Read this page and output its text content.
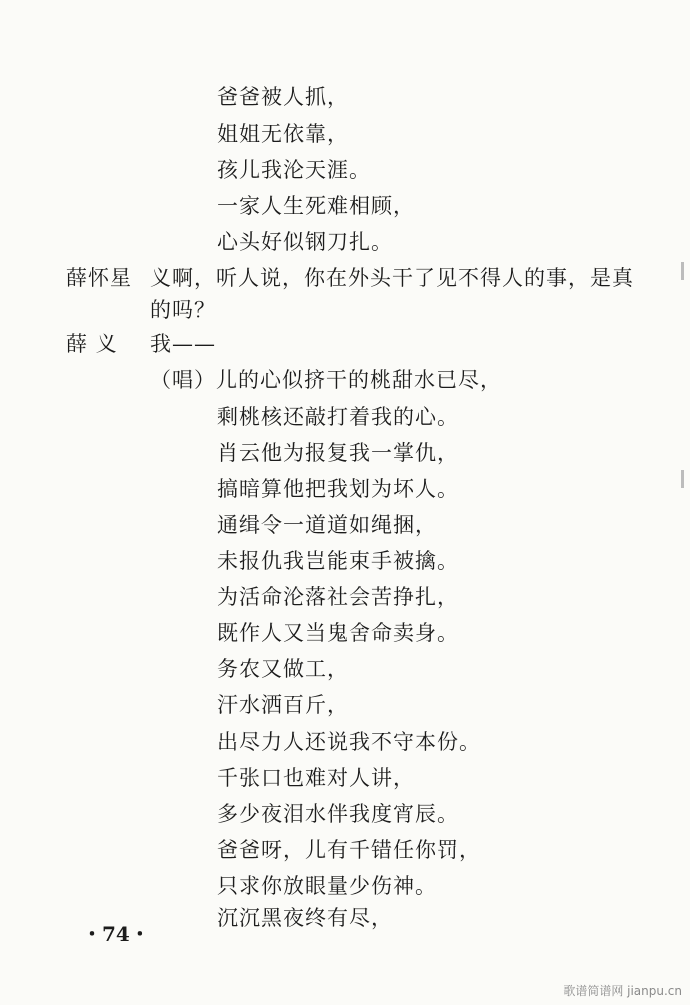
爸爸被人抓，
姐姐无依靠，
孩儿我沦天涯。
一家人生死难相顾，
心头好似钢刀扎。
薛怀星 义啊，听人说，你在外头干了见不得人的事，是真
的吗？
薛 义 我——
（唱）儿的心似挤干的桃甜水已尽，
剩桃核还敲打着我的心。
肖云他为报复我一掌仇，
搞暗算他把我划为坏人。
通缉令一道道如绳捆，
未报仇我岂能束手被擒。
为活命沦落社会苦挣扎，
既作人又当鬼舍命卖身。
务农又做工，
汗水洒百斤，
出尽力人还说我不守本份。
千张口也难对人讲，
多少夜泪水伴我度宵辰。
爸爸呀，儿有千错任你罚，
只求你放眼量少伤神。
沉沉黑夜终有尽，
・74・
歌谱简谱网 jianpu.cn
